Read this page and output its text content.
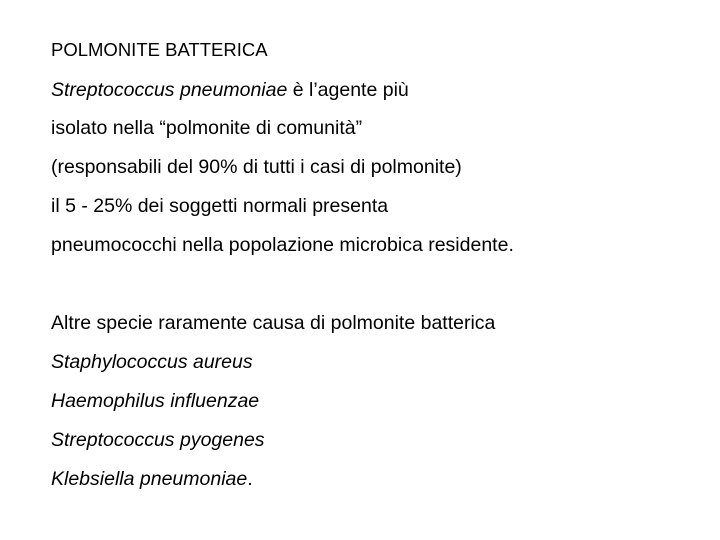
POLMONITE BATTERICA
Streptococcus pneumoniae è l’agente più
isolato nella “polmonite di comunità”
(responsabili del 90% di tutti i casi di polmonite)
il 5 - 25% dei soggetti normali presenta
pneumococchi nella popolazione microbica residente.
Altre specie raramente causa di polmonite batterica
Staphylococcus aureus
Haemophilus influenzae
Streptococcus pyogenes
Klebsiella pneumoniae.
